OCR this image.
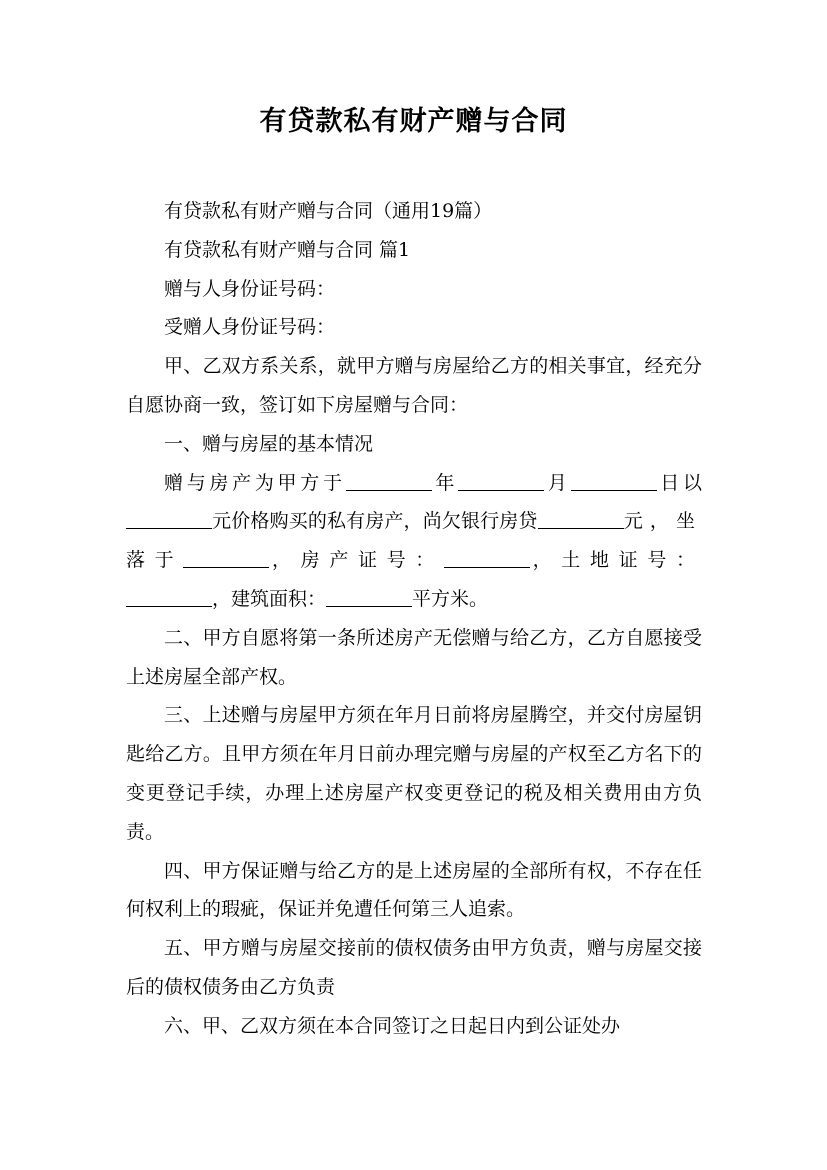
有贷款私有财产赠与合同

有贷款私有财产赠与合同（通用19篇）

有贷款私有财产赠与合同 篇1

赠与人身份证号码：

受赠人身份证号码：

甲、乙双方系关系，就甲方赠与房屋给乙方的相关事宜，经充分自愿协商一致，签订如下房屋赠与合同：

一、赠与房屋的基本情况

赠与房产为甲方于	年	月	日以元价格购买的私有房产，尚欠银行房贷	元，坐落于	，房产证号：	，土地证号：，建筑面积：	平方米。

二、甲方自愿将第一条所述房产无偿赠与给乙方，乙方自愿接受上述房屋全部产权。

三、上述赠与房屋甲方须在年月日前将房屋腾空，并交付房屋钥匙给乙方。且甲方须在年月日前办理完赠与房屋的产权至乙方名下的变更登记手续，办理上述房屋产权变更登记的税及相关费用由方负责。

四、甲方保证赠与给乙方的是上述房屋的全部所有权，不存在任何权利上的瑕疵，保证并免遭任何第三人追索。

五、甲方赠与房屋交接前的债权债务由甲方负责，赠与房屋交接后的债权债务由乙方负责

六、甲、乙双方须在本合同签订之日起日内到公证处办
